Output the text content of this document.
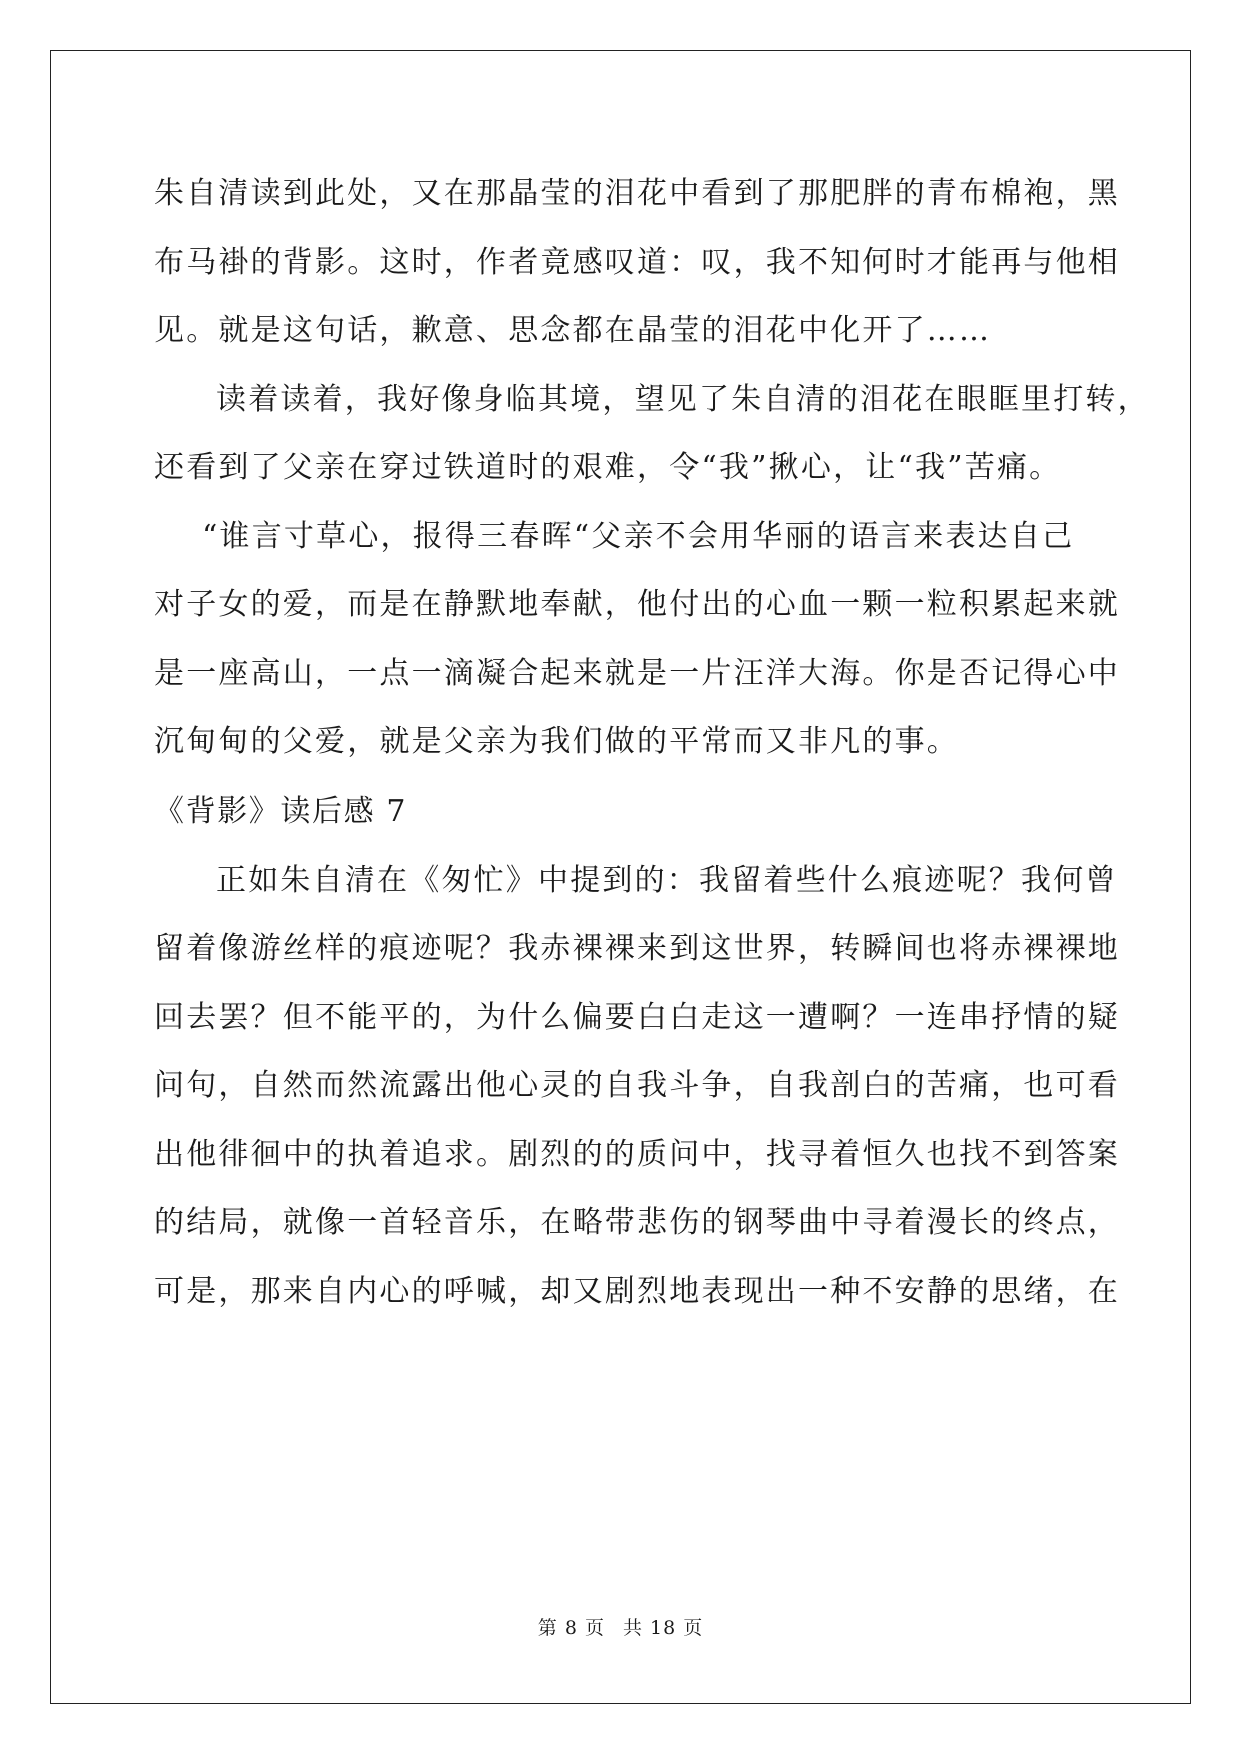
朱自清读到此处，又在那晶莹的泪花中看到了那肥胖的青布棉袍，黑
布马褂的背影。这时，作者竟感叹道：叹，我不知何时才能再与他相
见。就是这句话，歉意、思念都在晶莹的泪花中化开了……
读着读着，我好像身临其境，望见了朱自清的泪花在眼眶里打转，
还看到了父亲在穿过铁道时的艰难，令“我”揪心，让“我”苦痛。
“谁言寸草心，报得三春晖“父亲不会用华丽的语言来表达自己
对子女的爱，而是在静默地奉献，他付出的心血一颗一粒积累起来就
是一座高山，一点一滴凝合起来就是一片汪洋大海。你是否记得心中
沉甸甸的父爱，就是父亲为我们做的平常而又非凡的事。
《背影》读后感 7
正如朱自清在《匆忙》中提到的：我留着些什么痕迹呢？我何曾
留着像游丝样的痕迹呢？我赤裸裸来到这世界，转瞬间也将赤裸裸地
回去罢？但不能平的，为什么偏要白白走这一遭啊？一连串抒情的疑
问句，自然而然流露出他心灵的自我斗争，自我剖白的苦痛，也可看
出他徘徊中的执着追求。剧烈的的质问中，找寻着恒久也找不到答案
的结局，就像一首轻音乐，在略带悲伤的钢琴曲中寻着漫长的终点，
可是，那来自内心的呼喊，却又剧烈地表现出一种不安静的思绪，在
第 8 页 共 18 页
